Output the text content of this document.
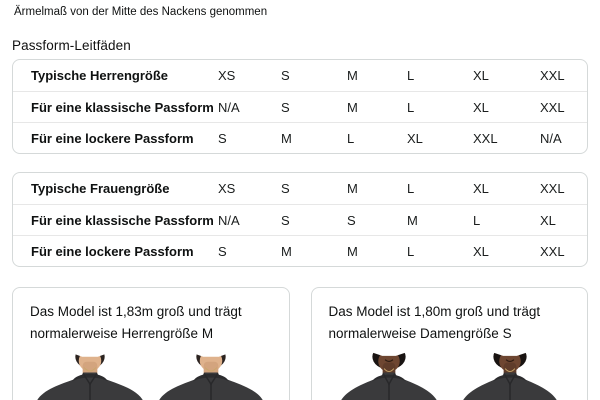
Ärmelmaß von der Mitte des Nackens genommen
Passform-Leitfäden
Typische Herrengröße	XS	S	M	L	XL	XXL
Für eine klassische Passform N/A	S	M	L	XL	XXL
Für eine lockere Passform	S	M	L	XL	XXL	N/A
Typische Frauengröße	XS	S	M	L	XL	XXL
Für eine klassische Passform N/A	S	S	M	L	XL
Für eine lockere Passform	S	M	M	L	XL	XXL
Das Model ist 1,83m groß und trägt normalerweise Herrengröße M
Das Model ist 1,80m groß und trägt normalerweise Damengröße S
